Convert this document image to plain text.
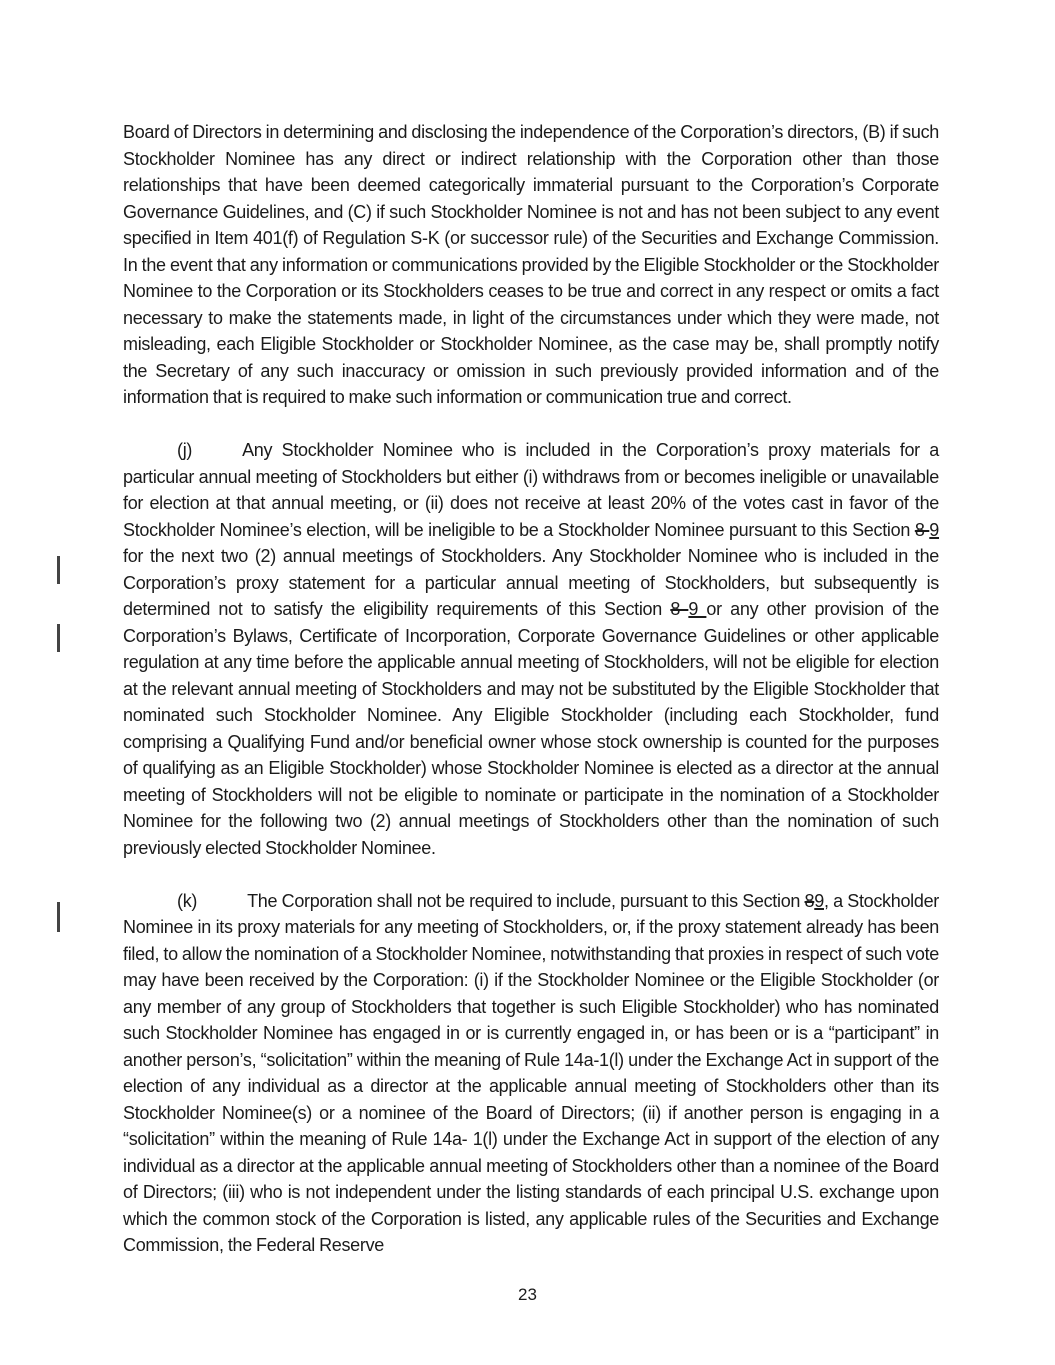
Board of Directors in determining and disclosing the independence of the Corporation’s directors, (B) if such Stockholder Nominee has any direct or indirect relationship with the Corporation other than those relationships that have been deemed categorically immaterial pursuant to the Corporation’s Corporate Governance Guidelines, and (C) if such Stockholder Nominee is not and has not been subject to any event specified in Item 401(f) of Regulation S-K (or successor rule) of the Securities and Exchange Commission. In the event that any information or communications provided by the Eligible Stockholder or the Stockholder Nominee to the Corporation or its Stockholders ceases to be true and correct in any respect or omits a fact necessary to make the statements made, in light of the circumstances under which they were made, not misleading, each Eligible Stockholder or Stockholder Nominee, as the case may be, shall promptly notify the Secretary of any such inaccuracy or omission in such previously provided information and of the information that is required to make such information or communication true and correct.

(j)	Any Stockholder Nominee who is included in the Corporation’s proxy materials for a particular annual meeting of Stockholders but either (i) withdraws from or becomes ineligible or unavailable for election at that annual meeting, or (ii) does not receive at least 20% of the votes cast in favor of the Stockholder Nominee’s election, will be ineligible to be a Stockholder Nominee pursuant to this Section 8 9 for the next two (2) annual meetings of Stockholders. Any Stockholder Nominee who is included in the Corporation’s proxy statement for a particular annual meeting of Stockholders, but subsequently is determined not to satisfy the eligibility requirements of this Section 8 9 or any other provision of the Corporation’s Bylaws, Certificate of Incorporation, Corporate Governance Guidelines or other applicable regulation at any time before the applicable annual meeting of Stockholders, will not be eligible for election at the relevant annual meeting of Stockholders and may not be substituted by the Eligible Stockholder that nominated such Stockholder Nominee. Any Eligible Stockholder (including each Stockholder, fund comprising a Qualifying Fund and/or beneficial owner whose stock ownership is counted for the purposes of qualifying as an Eligible Stockholder) whose Stockholder Nominee is elected as a director at the annual meeting of Stockholders will not be eligible to nominate or participate in the nomination of a Stockholder Nominee for the following two (2) annual meetings of Stockholders other than the nomination of such previously elected Stockholder Nominee.

(k)	The Corporation shall not be required to include, pursuant to this Section 89, a Stockholder Nominee in its proxy materials for any meeting of Stockholders, or, if the proxy statement already has been filed, to allow the nomination of a Stockholder Nominee, notwithstanding that proxies in respect of such vote may have been received by the Corporation: (i) if the Stockholder Nominee or the Eligible Stockholder (or any member of any group of Stockholders that together is such Eligible Stockholder) who has nominated such Stockholder Nominee has engaged in or is currently engaged in, or has been or is a “participant” in another person’s, “solicitation” within the meaning of Rule 14a-1(l) under the Exchange Act in support of the election of any individual as a director at the applicable annual meeting of Stockholders other than its Stockholder Nominee(s) or a nominee of the Board of Directors; (ii) if another person is engaging in a “solicitation” within the meaning of Rule 14a- 1(l) under the Exchange Act in support of the election of any individual as a director at the applicable annual meeting of Stockholders other than a nominee of the Board of Directors; (iii) who is not independent under the listing standards of each principal U.S. exchange upon which the common stock of the Corporation is listed, any applicable rules of the Securities and Exchange Commission, the Federal Reserve

23
